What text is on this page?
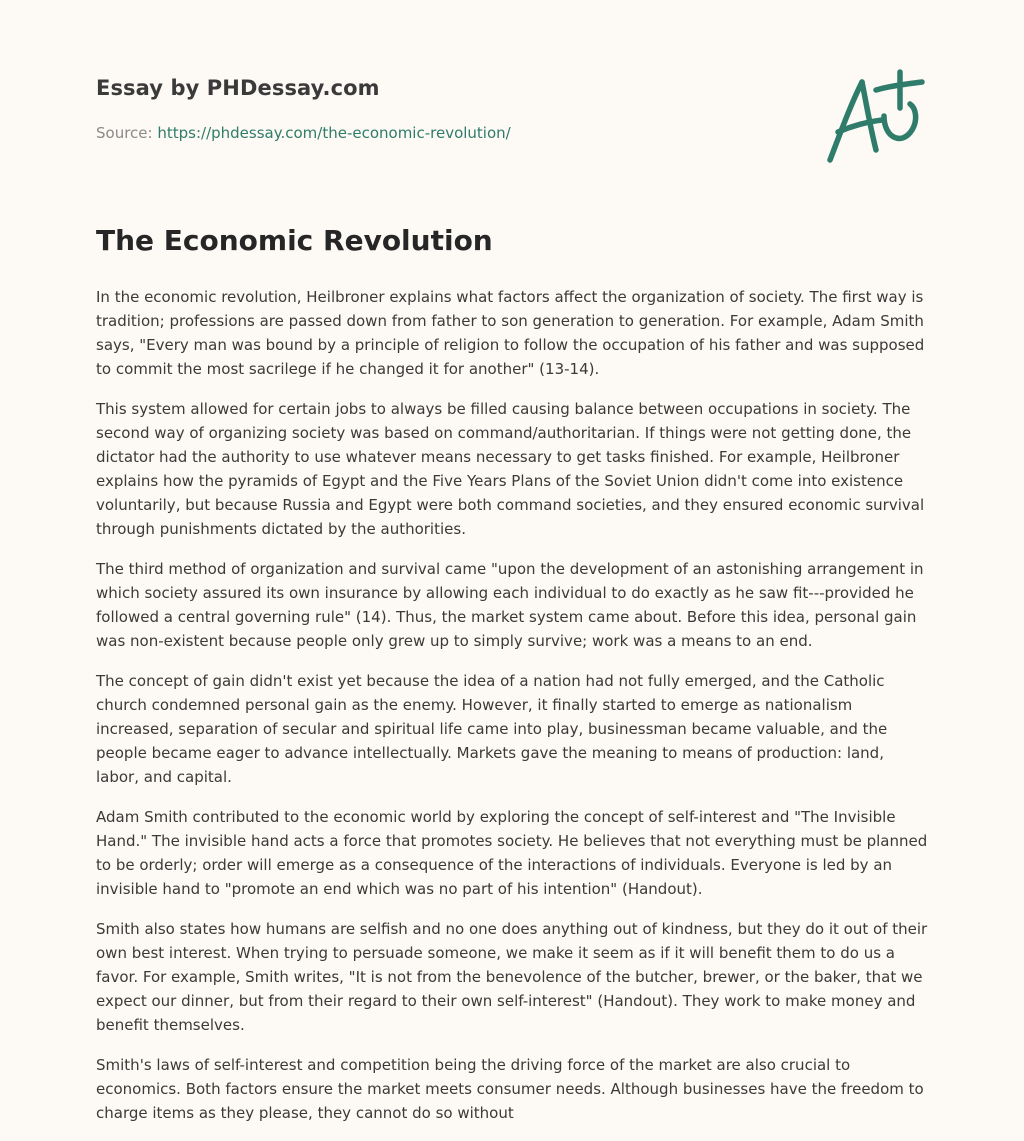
Essay by PHDessay.com
Source: https://phdessay.com/the-economic-revolution/
The Economic Revolution

In the economic revolution, Heilbroner explains what factors affect the organization of society. The first way is tradition; professions are passed down from father to son generation to generation. For example, Adam Smith says, "Every man was bound by a principle of religion to follow the occupation of his father and was supposed to commit the most sacrilege if he changed it for another" (13-14).

This system allowed for certain jobs to always be filled causing balance between occupations in society. The second way of organizing society was based on command/authoritarian. If things were not getting done, the dictator had the authority to use whatever means necessary to get tasks finished. For example, Heilbroner explains how the pyramids of Egypt and the Five Years Plans of the Soviet Union didn't come into existence voluntarily, but because Russia and Egypt were both command societies, and they ensured economic survival through punishments dictated by the authorities.

The third method of organization and survival came "upon the development of an astonishing arrangement in which society assured its own insurance by allowing each individual to do exactly as he saw fit---provided he followed a central governing rule" (14). Thus, the market system came about. Before this idea, personal gain was non-existent because people only grew up to simply survive; work was a means to an end.

The concept of gain didn't exist yet because the idea of a nation had not fully emerged, and the Catholic church condemned personal gain as the enemy. However, it finally started to emerge as nationalism increased, separation of secular and spiritual life came into play, businessman became valuable, and the people became eager to advance intellectually. Markets gave the meaning to means of production: land, labor, and capital.

Adam Smith contributed to the economic world by exploring the concept of self-interest and "The Invisible Hand." The invisible hand acts a force that promotes society. He believes that not everything must be planned to be orderly; order will emerge as a consequence of the interactions of individuals. Everyone is led by an invisible hand to "promote an end which was no part of his intention" (Handout).

Smith also states how humans are selfish and no one does anything out of kindness, but they do it out of their own best interest. When trying to persuade someone, we make it seem as if it will benefit them to do us a favor. For example, Smith writes, "It is not from the benevolence of the butcher, brewer, or the baker, that we expect our dinner, but from their regard to their own self-interest" (Handout). They work to make money and benefit themselves.

Smith's laws of self-interest and competition being the driving force of the market are also crucial to economics. Both factors ensure the market meets consumer needs. Although businesses have the freedom to charge items as they please, they cannot do so without
